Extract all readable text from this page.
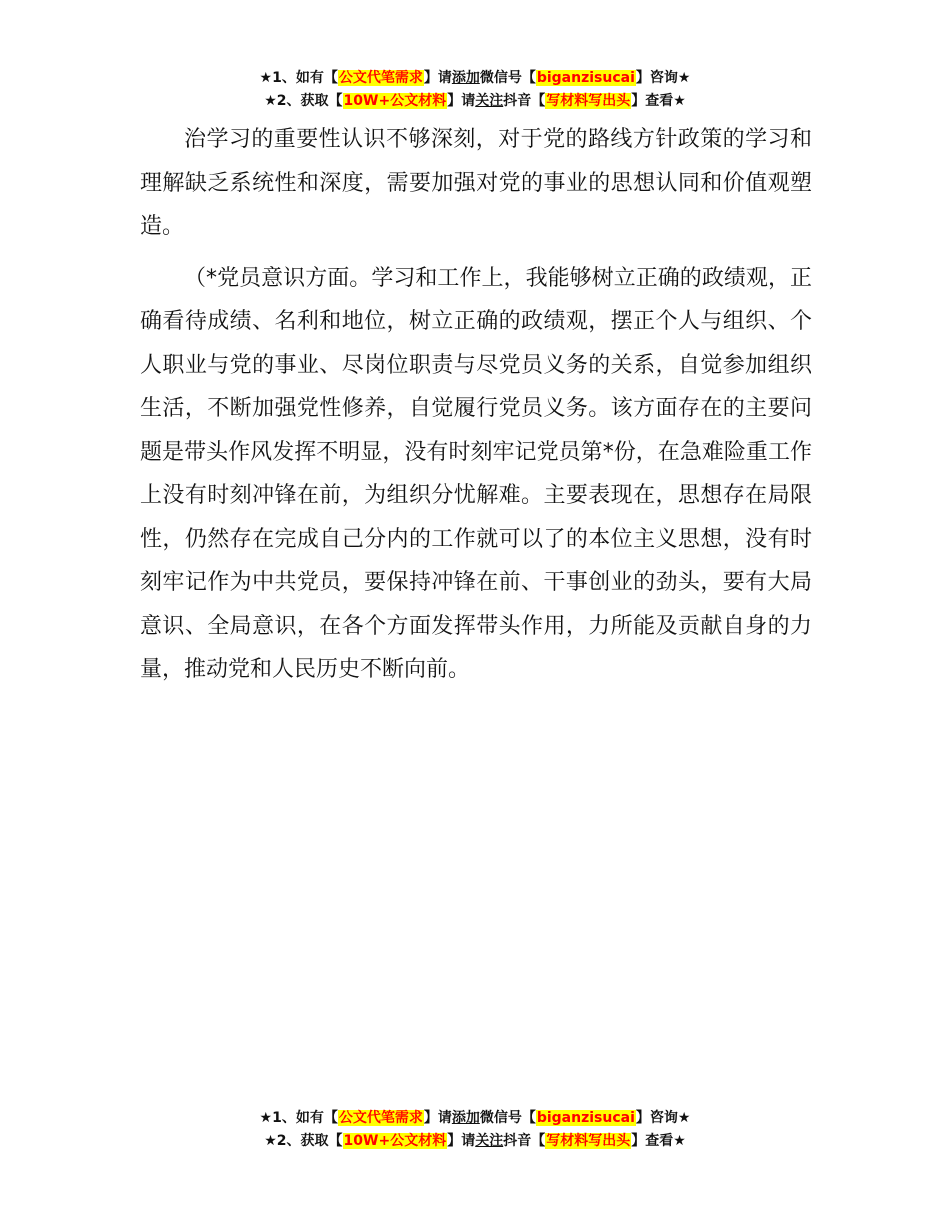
★1、如有【公文代笔需求】请添加微信号【biganzisucai】咨询★
★2、获取【10W+公文材料】请关注抖音【写材料写出头】查看★

治学习的重要性认识不够深刻，对于党的路线方针政策的学习和理解缺乏系统性和深度，需要加强对党的事业的思想认同和价值观塑造。

（*党员意识方面。学习和工作上，我能够树立正确的政绩观，正确看待成绩、名利和地位，树立正确的政绩观，摆正个人与组织、个人职业与党的事业、尽岗位职责与尽党员义务的关系，自觉参加组织生活，不断加强党性修养，自觉履行党员义务。该方面存在的主要问题是带头作风发挥不明显，没有时刻牢记党员第*份，在急难险重工作上没有时刻冲锋在前，为组织分忧解难。主要表现在，思想存在局限性，仍然存在完成自己分内的工作就可以了的本位主义思想，没有时刻牢记作为中共党员，要保持冲锋在前、干事创业的劲头，要有大局意识、全局意识，在各个方面发挥带头作用，力所能及贡献自身的力量，推动党和人民历史不断向前。

★1、如有【公文代笔需求】请添加微信号【biganzisucai】咨询★
★2、获取【10W+公文材料】请关注抖音【写材料写出头】查看★
